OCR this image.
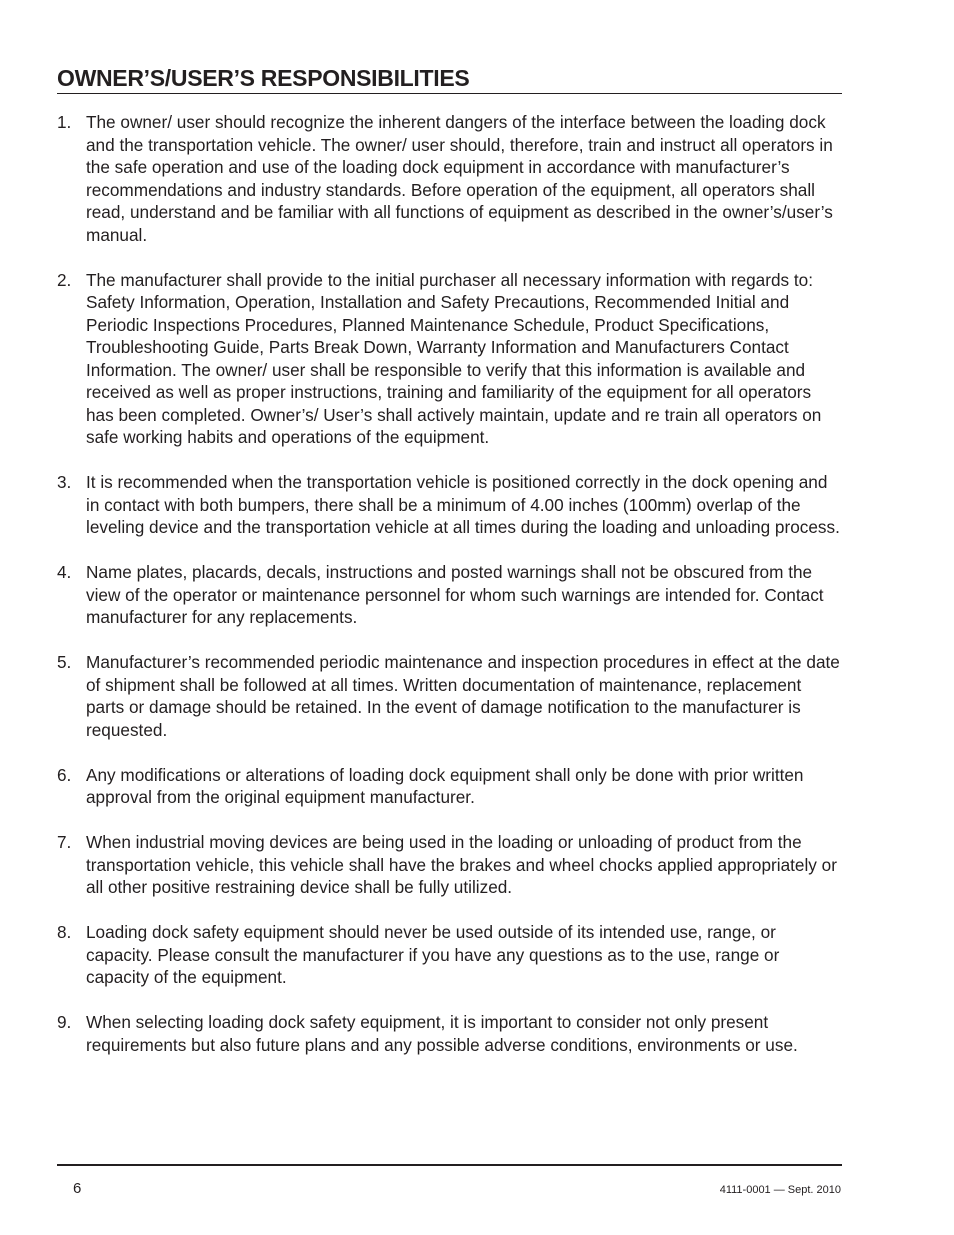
OWNER’S/USER’S RESPONSIBILITIES
1. The owner/ user should recognize the inherent dangers of the interface between the loading dock and the transportation vehicle. The owner/ user should, therefore, train and instruct all operators in the safe operation and use of the loading dock equipment in accordance with manufacturer’s recommendations and industry standards. Before operation of the equipment, all operators shall read, understand and be familiar with all functions of equipment as described in the owner’s/user’s manual.
2. The manufacturer shall provide to the initial purchaser all necessary information with regards to: Safety Information, Operation, Installation and Safety Precautions, Recommended Initial and Periodic Inspections Procedures, Planned Maintenance Schedule, Product Specifications, Troubleshooting Guide, Parts Break Down, Warranty Information and Manufacturers Contact Information. The owner/ user shall be responsible to verify that this information is available and received as well as proper instructions, training and familiarity of the equipment for all operators has been completed. Owner’s/ User’s shall actively maintain, update and re train all operators on safe working habits and operations of the equipment.
3. It is recommended when the transportation vehicle is positioned correctly in the dock opening and in contact with both bumpers, there shall be a minimum of 4.00 inches (100mm) overlap of the leveling device and the transportation vehicle at all times during the loading and unloading process.
4. Name plates, placards, decals, instructions and posted warnings shall not be obscured from the view of the operator or maintenance personnel for whom such warnings are intended for. Contact manufacturer for any replacements.
5. Manufacturer’s recommended periodic maintenance and inspection procedures in effect at the date of shipment shall be followed at all times. Written documentation of maintenance, replacement parts or damage should be retained. In the event of damage notification to the manufacturer is requested.
6. Any modifications or alterations of loading dock equipment shall only be done with prior written approval from the original equipment manufacturer.
7. When industrial moving devices are being used in the loading or unloading of product from the transportation vehicle, this vehicle shall have the brakes and wheel chocks applied appropriately or all other positive restraining device shall be fully utilized.
8. Loading dock safety equipment should never be used outside of its intended use, range, or capacity. Please consult the manufacturer if you have any questions as to the use, range or capacity of the equipment.
9. When selecting loading dock safety equipment, it is important to consider not only present requirements but also future plans and any possible adverse conditions, environments or use.
6	4111-0001 — Sept. 2010
